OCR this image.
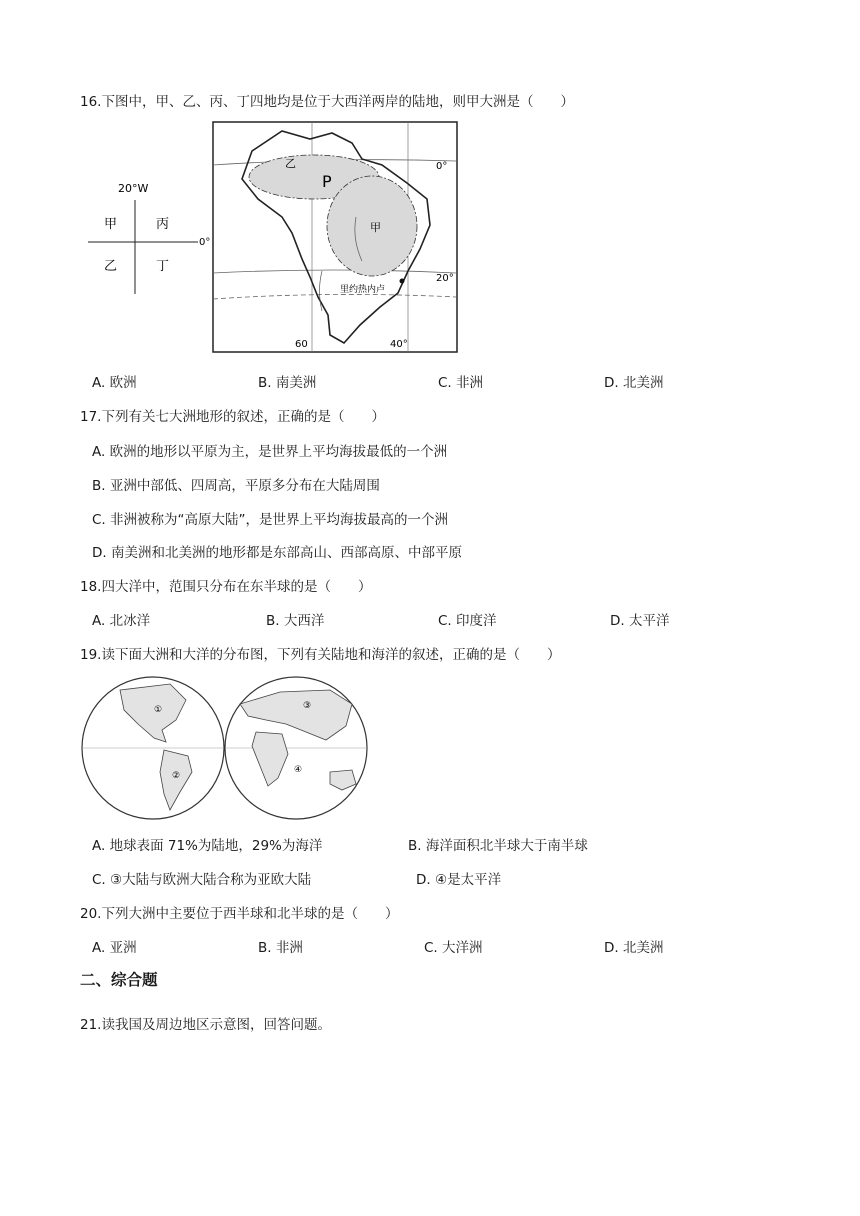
16.下图中，甲、乙、丙、丁四地均是位于大西洋两岸的陆地，则甲大洲是（　　）
20°W
0°
甲	丙
乙	丁
乙
P
甲
里约热内卢
0°
20°
60	40°
A. 欧洲	B. 南美洲	C. 非洲	D. 北美洲
17.下列有关七大洲地形的叙述，正确的是（　　）
A. 欧洲的地形以平原为主，是世界上平均海拔最低的一个洲
B. 亚洲中部低、四周高，平原多分布在大陆周围
C. 非洲被称为“高原大陆”，是世界上平均海拔最高的一个洲
D. 南美洲和北美洲的地形都是东部高山、西部高原、中部平原
18.四大洋中，范围只分布在东半球的是（　　）
A. 北冰洋	B. 大西洋	C. 印度洋	D. 太平洋
19.读下面大洲和大洋的分布图，下列有关陆地和海洋的叙述，正确的是（　　）
①
②
③
④
A. 地球表面 71%为陆地，29%为海洋	B. 海洋面积北半球大于南半球
C. ③大陆与欧洲大陆合称为亚欧大陆	D. ④是太平洋
20.下列大洲中主要位于西半球和北半球的是（　　）
A. 亚洲	B. 非洲	C. 大洋洲	D. 北美洲
二、综合题
21.读我国及周边地区示意图，回答问题。
